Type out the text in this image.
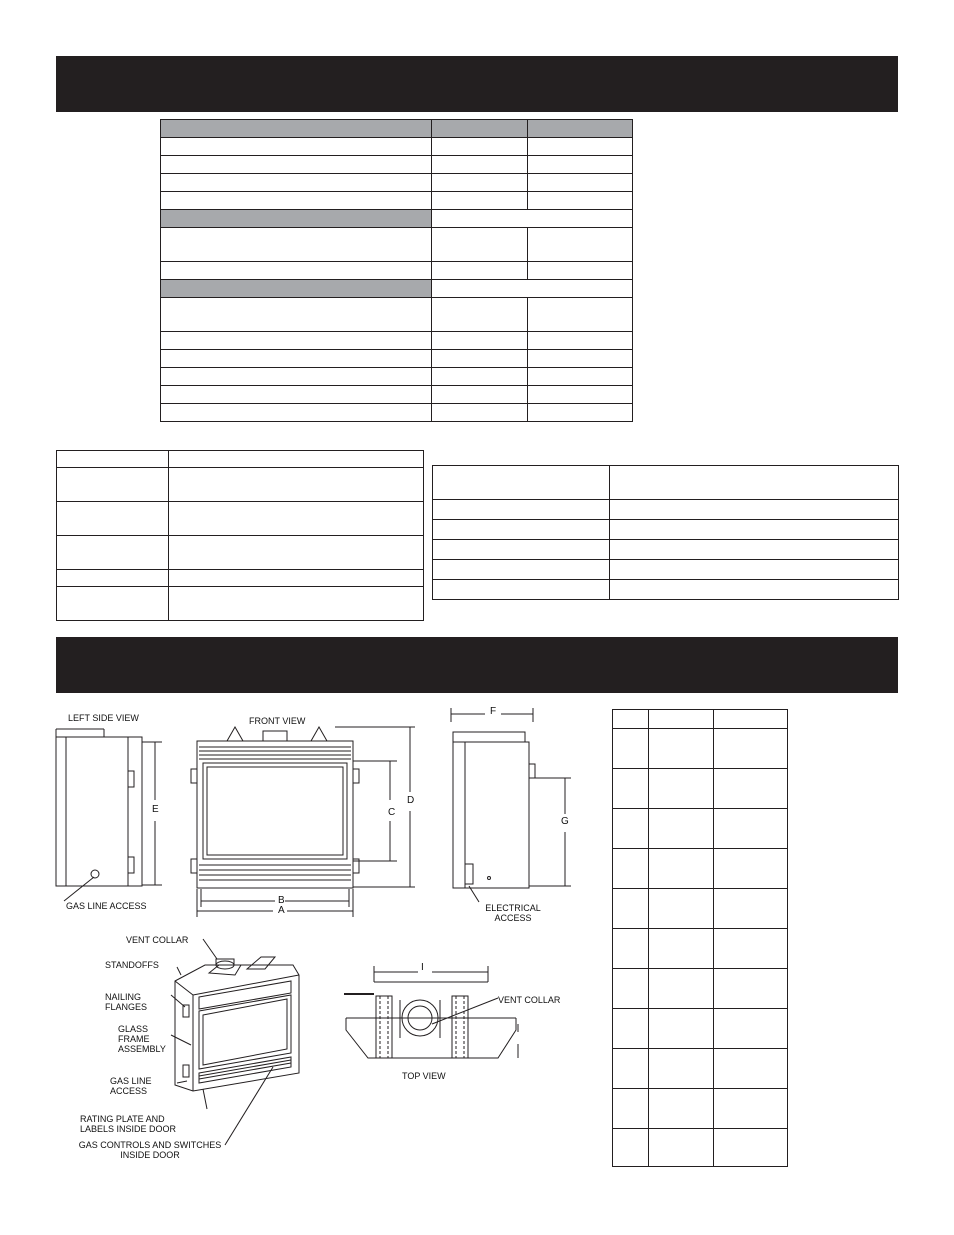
LEFT SIDE VIEW
E
GAS LINE ACCESS
FRONT VIEW
C
D
B
A
F
G
ELECTRICAL ACCESS
VENT COLLAR
STANDOFFS
NAILING FLANGES
GLASS FRAME ASSEMBLY
GAS LINE ACCESS
RATING PLATE AND LABELS INSIDE DOOR
GAS CONTROLS AND SWITCHES INSIDE DOOR
I
VENT COLLAR
TOP VIEW
